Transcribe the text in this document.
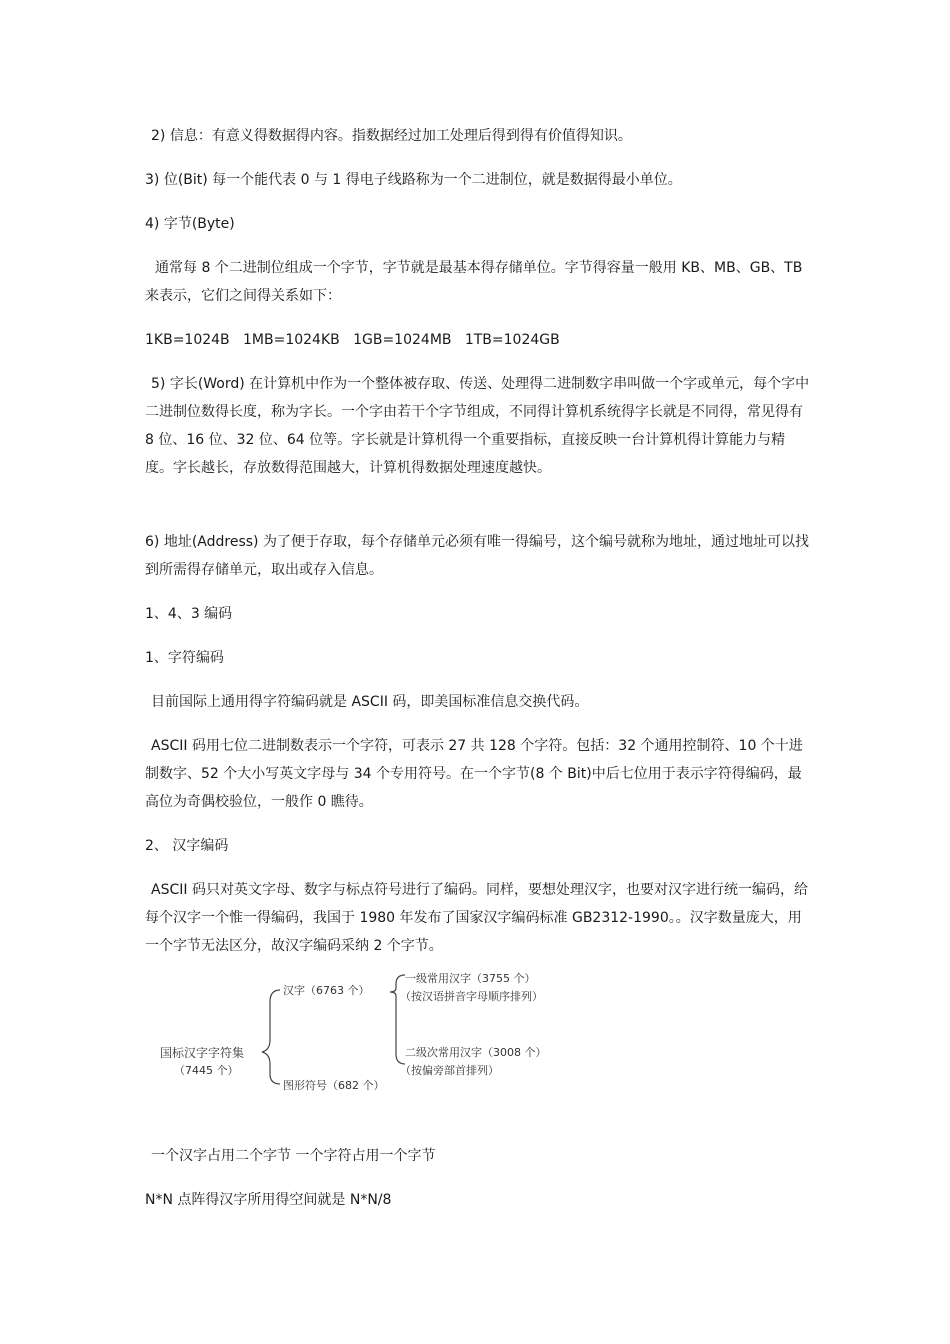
2) 信息：有意义得数据得内容。指数据经过加工处理后得到得有价值得知识。

3) 位(Bit) 每一个能代表 0 与 1 得电子线路称为一个二进制位，就是数据得最小单位。

4) 字节(Byte)

通常每 8 个二进制位组成一个字节，字节就是最基本得存储单位。字节得容量一般用 KB、MB、GB、TB 来表示，它们之间得关系如下：

1KB=1024B   1MB=1024KB   1GB=1024MB   1TB=1024GB

5) 字长(Word) 在计算机中作为一个整体被存取、传送、处理得二进制数字串叫做一个字或单元，每个字中二进制位数得长度，称为字长。一个字由若干个字节组成，不同得计算机系统得字长就是不同得，常见得有 8 位、16 位、32 位、64 位等。字长就是计算机得一个重要指标，直接反映一台计算机得计算能力与精度。字长越长，存放数得范围越大，计算机得数据处理速度越快。

6) 地址(Address) 为了便于存取，每个存储单元必须有唯一得编号，这个编号就称为地址，通过地址可以找到所需得存储单元，取出或存入信息。

1、4、3 编码

1、字符编码

目前国际上通用得字符编码就是 ASCII 码，即美国标准信息交换代码。

ASCII 码用七位二进制数表示一个字符，可表示 27 共 128 个字符。包括：32 个通用控制符、10 个十进制数字、52 个大小写英文字母与 34 个专用符号。在一个字节(8 个 Bit)中后七位用于表示字符得编码，最高位为奇偶校验位，一般作 0 瞧待。

2、 汉字编码

ASCII 码只对英文字母、数字与标点符号进行了编码。同样，要想处理汉字，也要对汉字进行统一编码，给每个汉字一个惟一得编码，我国于 1980 年发布了国家汉字编码标准 GB2312-1990。。汉字数量庞大，用一个字节无法区分，故汉字编码采纳 2 个字节。

国标汉字字符集
（7445 个）
汉字（6763 个）
图形符号（682 个）
一级常用汉字（3755 个）
（按汉语拼音字母顺序排列）
二级次常用汉字（3008 个）
（按偏旁部首排列）

一个汉字占用二个字节 一个字符占用一个字节

N*N 点阵得汉字所用得空间就是 N*N/8
